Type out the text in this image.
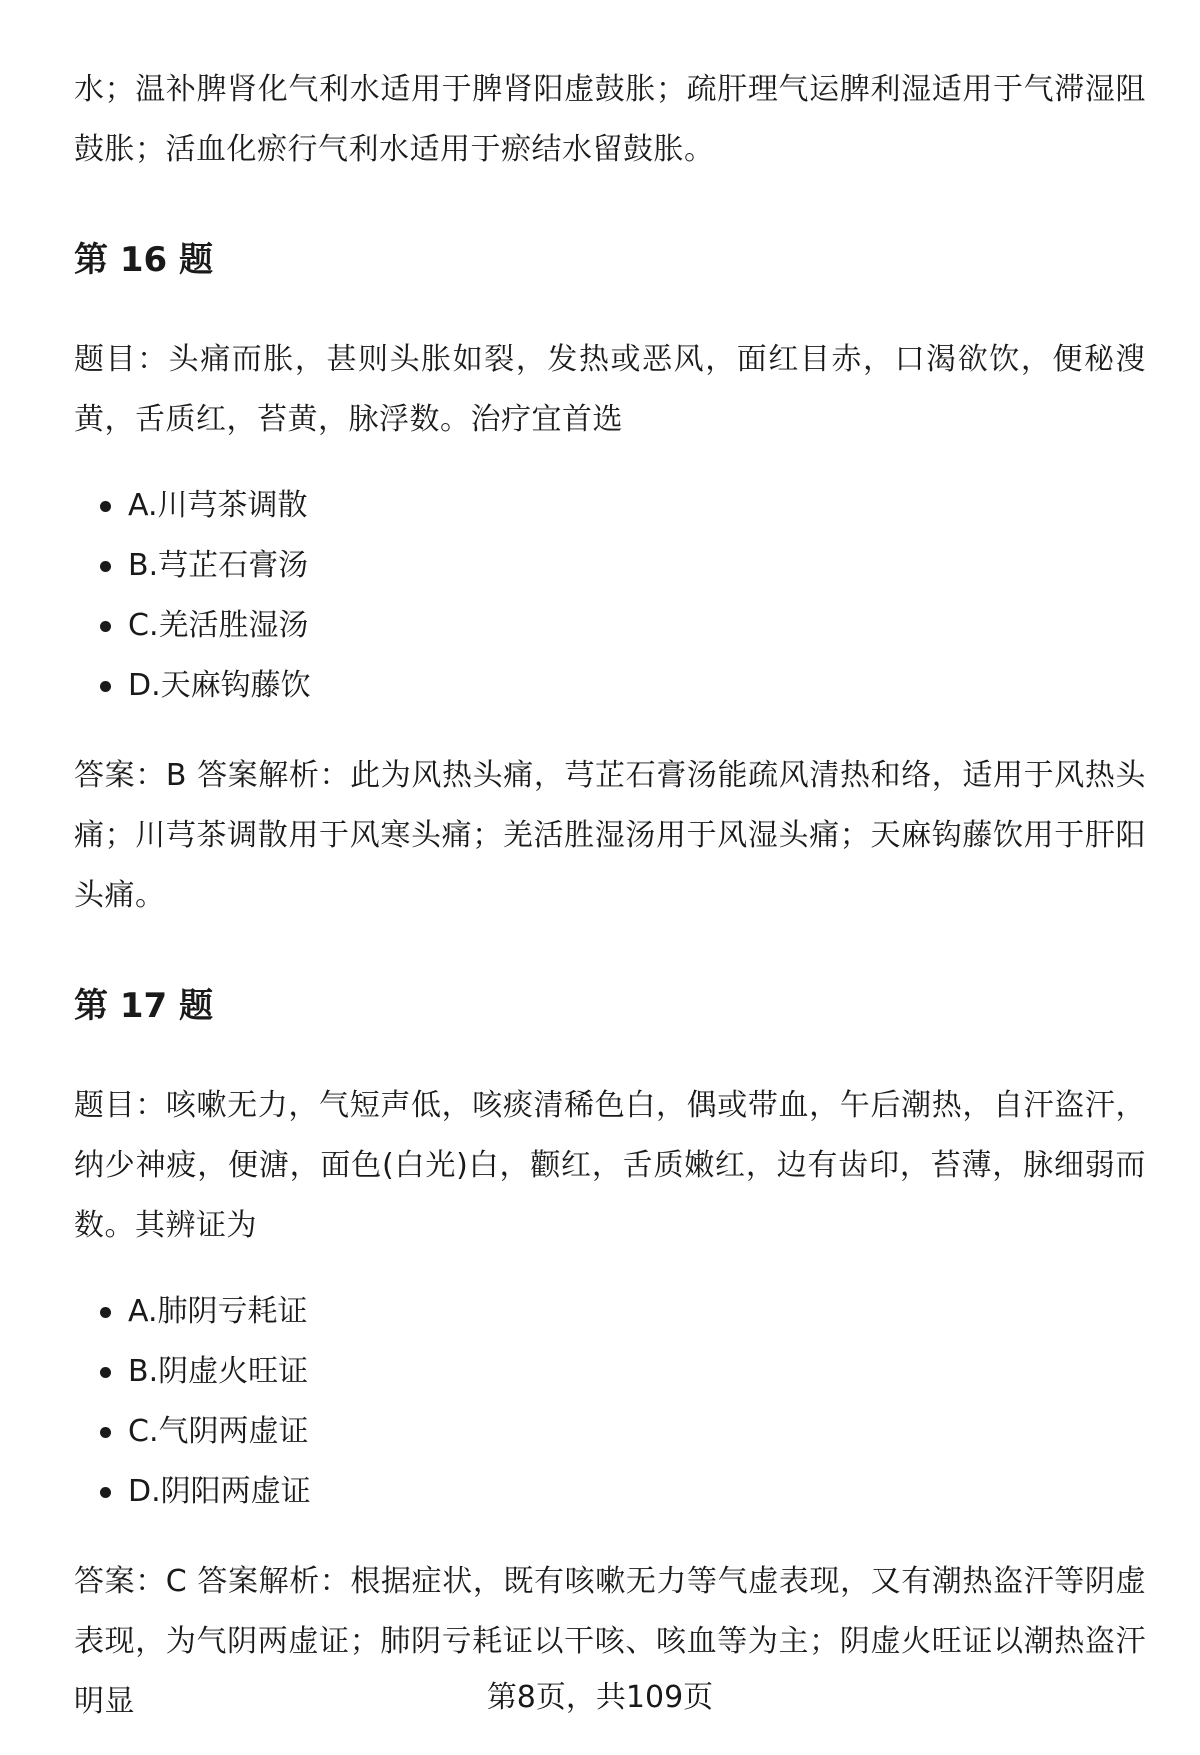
水；温补脾肾化气利水适用于脾肾阳虚鼓胀；疏肝理气运脾利湿适用于气滞湿阻鼓胀；活血化瘀行气利水适用于瘀结水留鼓胀。

第 16 题

题目：头痛而胀，甚则头胀如裂，发热或恶风，面红目赤，口渴欲饮，便秘溲黄，舌质红，苔黄，脉浮数。治疗宜首选

A.川芎茶调散
B.芎芷石膏汤
C.羌活胜湿汤
D.天麻钩藤饮

答案：B 答案解析：此为风热头痛，芎芷石膏汤能疏风清热和络，适用于风热头痛；川芎茶调散用于风寒头痛；羌活胜湿汤用于风湿头痛；天麻钩藤饮用于肝阳头痛。

第 17 题

题目：咳嗽无力，气短声低，咳痰清稀色白，偶或带血，午后潮热，自汗盗汗，纳少神疲，便溏，面色(白光)白，颧红，舌质嫩红，边有齿印，苔薄，脉细弱而数。其辨证为

A.肺阴亏耗证
B.阴虚火旺证
C.气阴两虚证
D.阴阳两虚证

答案：C 答案解析：根据症状，既有咳嗽无力等气虚表现，又有潮热盗汗等阴虚表现，为气阴两虚证；肺阴亏耗证以干咳、咳血等为主；阴虚火旺证以潮热盗汗明显	第8页，共109页
